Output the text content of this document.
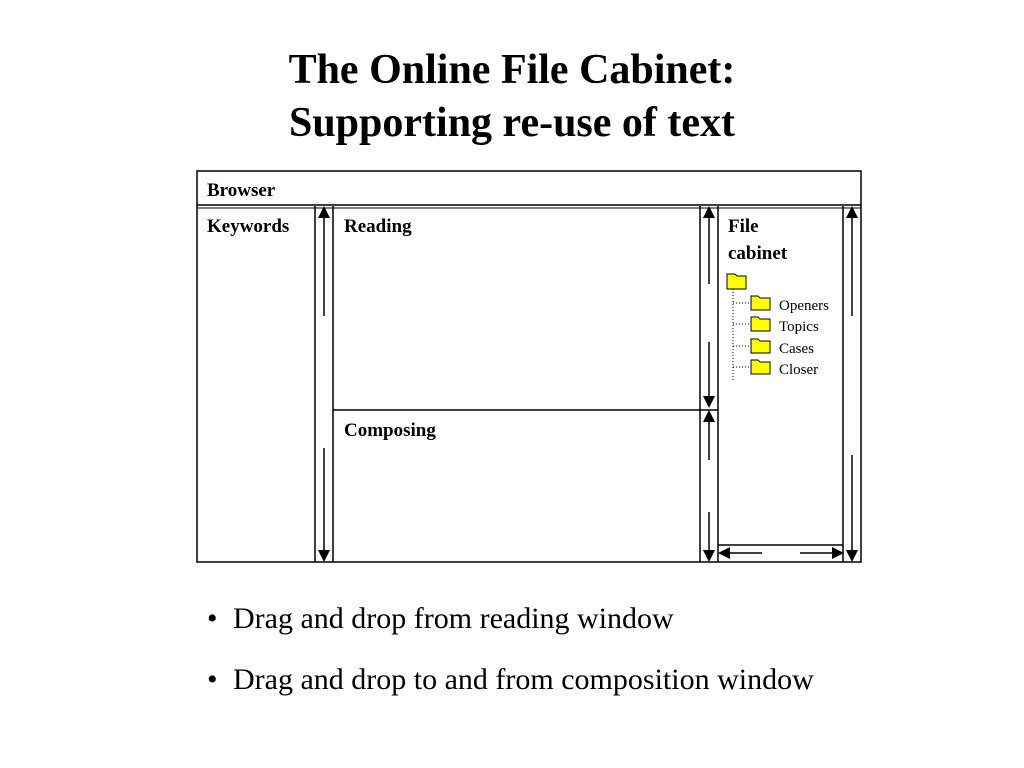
The Online File Cabinet:
Supporting re-use of text
Browser
Keywords	Reading
Composing
File
cabinet
Openers
Topics
Cases
Closer
• Drag and drop from reading window
• Drag and drop to and from composition window
